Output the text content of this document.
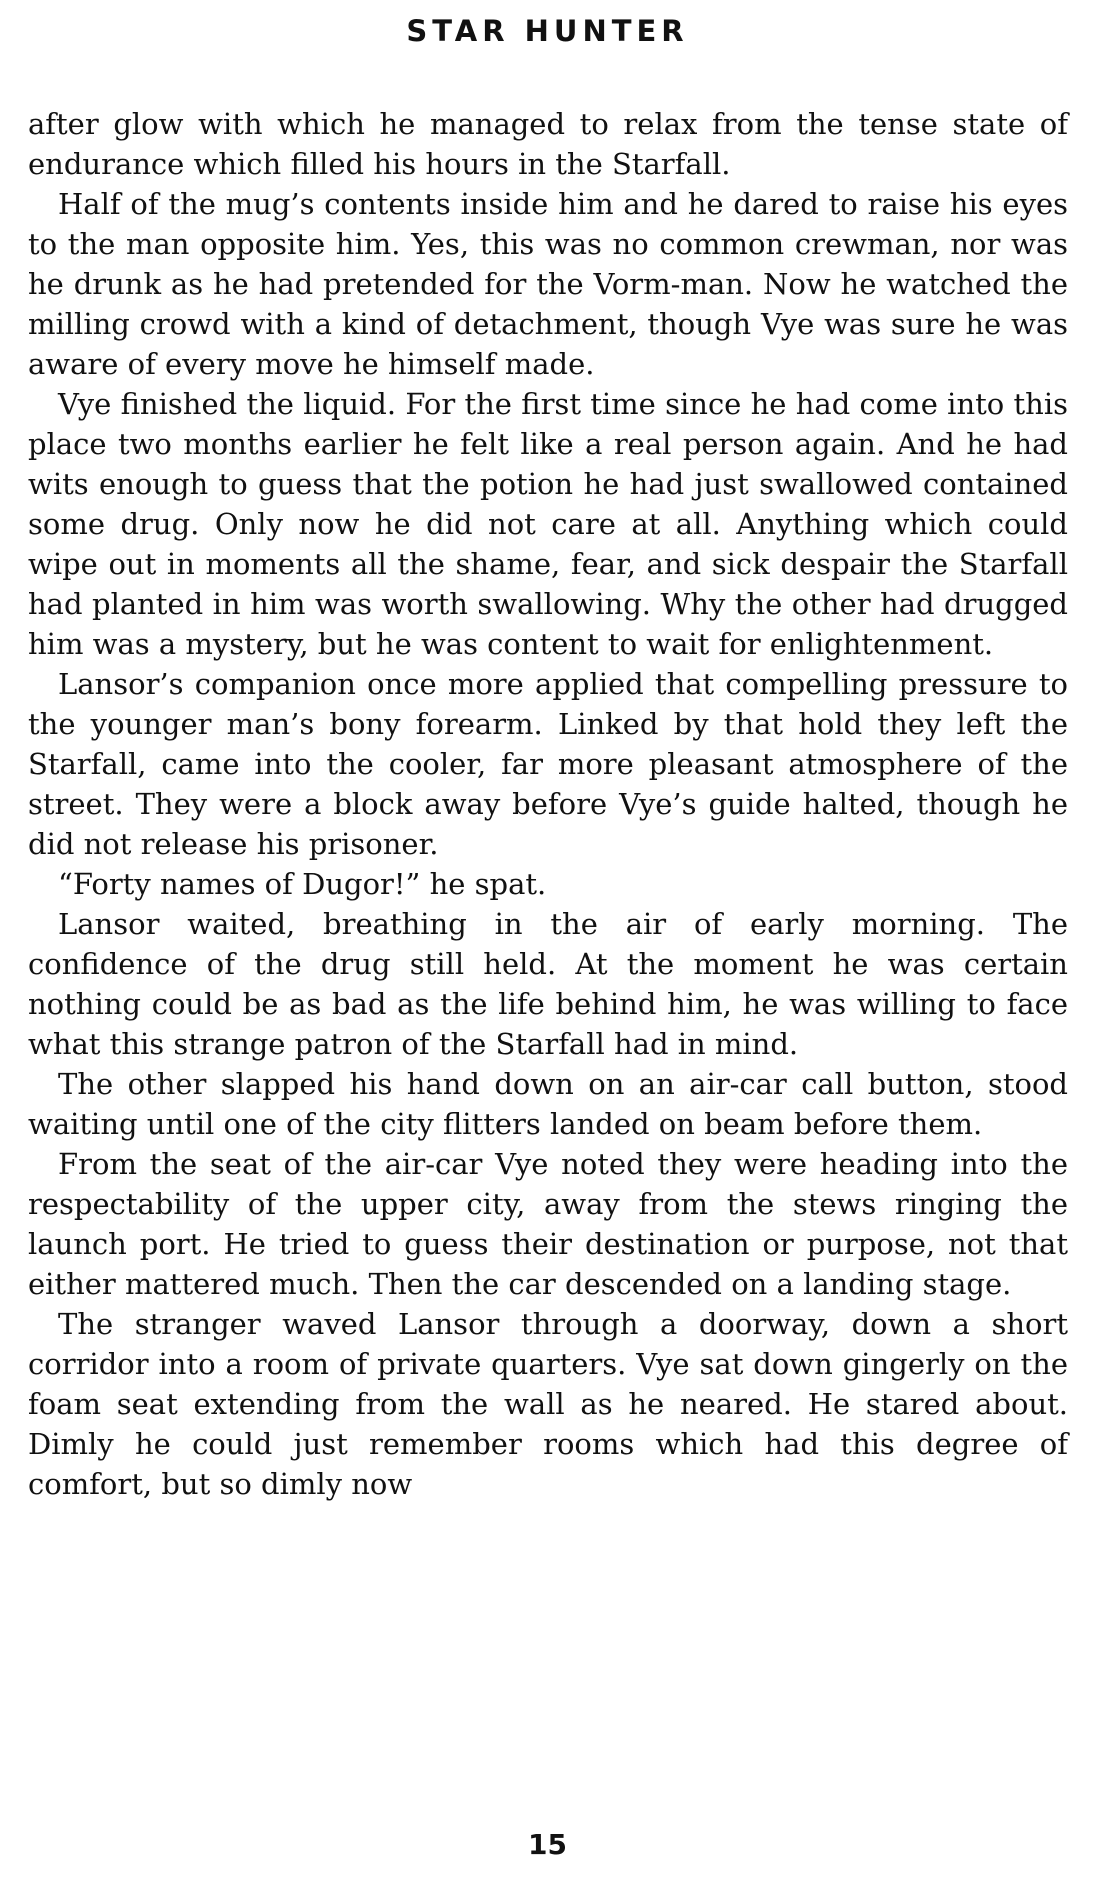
STAR HUNTER

after glow with which he managed to relax from the tense state of endurance which filled his hours in the Starfall.

Half of the mug’s contents inside him and he dared to raise his eyes to the man opposite him. Yes, this was no common crewman, nor was he drunk as he had pretended for the Vorm-man. Now he watched the milling crowd with a kind of detachment, though Vye was sure he was aware of every move he himself made.

Vye finished the liquid. For the first time since he had come into this place two months earlier he felt like a real person again. And he had wits enough to guess that the potion he had just swallowed contained some drug. Only now he did not care at all. Anything which could wipe out in moments all the shame, fear, and sick despair the Starfall had planted in him was worth swallowing. Why the other had drugged him was a mystery, but he was content to wait for enlightenment.

Lansor’s companion once more applied that compelling pressure to the younger man’s bony forearm. Linked by that hold they left the Starfall, came into the cooler, far more pleasant atmosphere of the street. They were a block away before Vye’s guide halted, though he did not release his prisoner.

“Forty names of Dugor!” he spat.

Lansor waited, breathing in the air of early morning. The confidence of the drug still held. At the moment he was certain nothing could be as bad as the life behind him, he was willing to face what this strange patron of the Starfall had in mind.

The other slapped his hand down on an air-car call button, stood waiting until one of the city flitters landed on beam before them.

From the seat of the air-car Vye noted they were heading into the respectability of the upper city, away from the stews ringing the launch port. He tried to guess their destination or purpose, not that either mattered much. Then the car descended on a landing stage.

The stranger waved Lansor through a doorway, down a short corridor into a room of private quarters. Vye sat down gingerly on the foam seat extending from the wall as he neared. He stared about. Dimly he could just remember rooms which had this degree of comfort, but so dimly now

15
